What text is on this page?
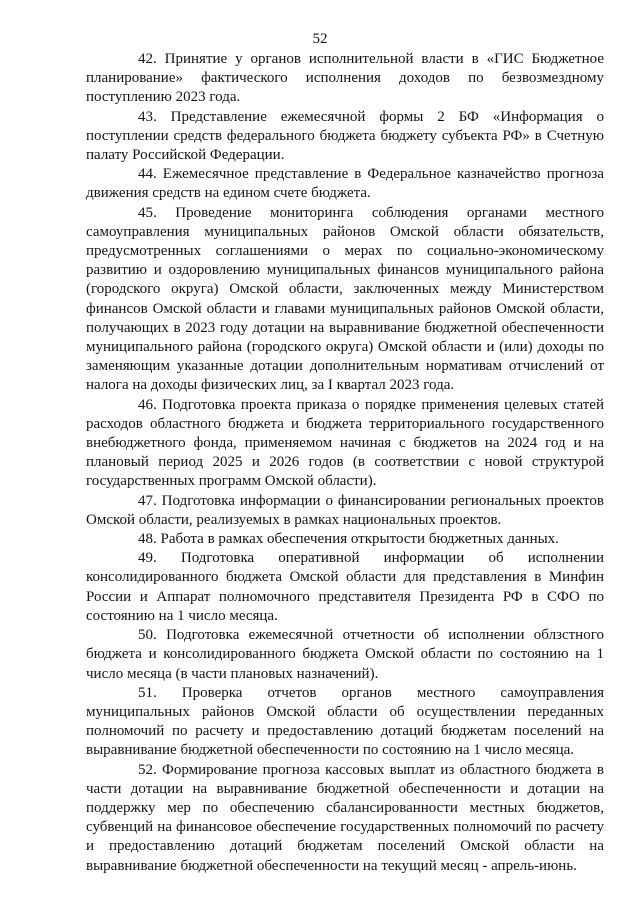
52

42. Принятие у органов исполнительной власти в «ГИС Бюджетное планирование» фактического исполнения доходов по безвозмездному поступлению 2023 года.

43. Представление ежемесячной формы 2 БФ «Информация о поступлении средств федерального бюджета бюджету субъекта РФ» в Счетную палату Российской Федерации.

44. Ежемесячное представление в Федеральное казначейство прогноза движения средств на едином счете бюджета.

45. Проведение мониторинга соблюдения органами местного самоуправления муниципальных районов Омской области обязательств, предусмотренных соглашениями о мерах по социально-экономическому развитию и оздоровлению муниципальных финансов муниципального района (городского округа) Омской области, заключенных между Министерством финансов Омской области и главами муниципальных районов Омской области, получающих в 2023 году дотации на выравнивание бюджетной обеспеченности муниципального района (городского округа) Омской области и (или) доходы по заменяющим указанные дотации дополнительным нормативам отчислений от налога на доходы физических лиц, за I квартал 2023 года.

46. Подготовка проекта приказа о порядке применения целевых статей расходов областного бюджета и бюджета территориального государственного внебюджетного фонда, применяемом начиная с бюджетов на 2024 год и на плановый период 2025 и 2026 годов (в соответствии с новой структурой государственных программ Омской области).

47. Подготовка информации о финансировании региональных проектов Омской области, реализуемых в рамках национальных проектов.

48. Работа в рамках обеспечения открытости бюджетных данных.

49. Подготовка оперативной информации об исполнении консолидированного бюджета Омской области для представления в Минфин России и Аппарат полномочного представителя Президента РФ в СФО по состоянию на 1 число месяца.

50. Подготовка ежемесячной отчетности об исполнении облзстного бюджета и консолидированного бюджета Омской области по состоянию на 1 число месяца (в части плановых назначений).

51. Проверка отчетов органов местного самоуправления муниципальных районов Омской области об осуществлении переданных полномочий по расчету и предоставлению дотаций бюджетам поселений на выравнивание бюджетной обеспеченности по состоянию на 1 число месяца.

52. Формирование прогноза кассовых выплат из областного бюджета в части дотации на выравнивание бюджетной обеспеченности и дотации на поддержку мер по обеспечению сбалансированности местных бюджетов, субвенций на финансовое обеспечение государственных полномочий по расчету и предоставлению дотаций бюджетам поселений Омской области на выравнивание бюджетной обеспеченности на текущий месяц - апрель-июнь.
